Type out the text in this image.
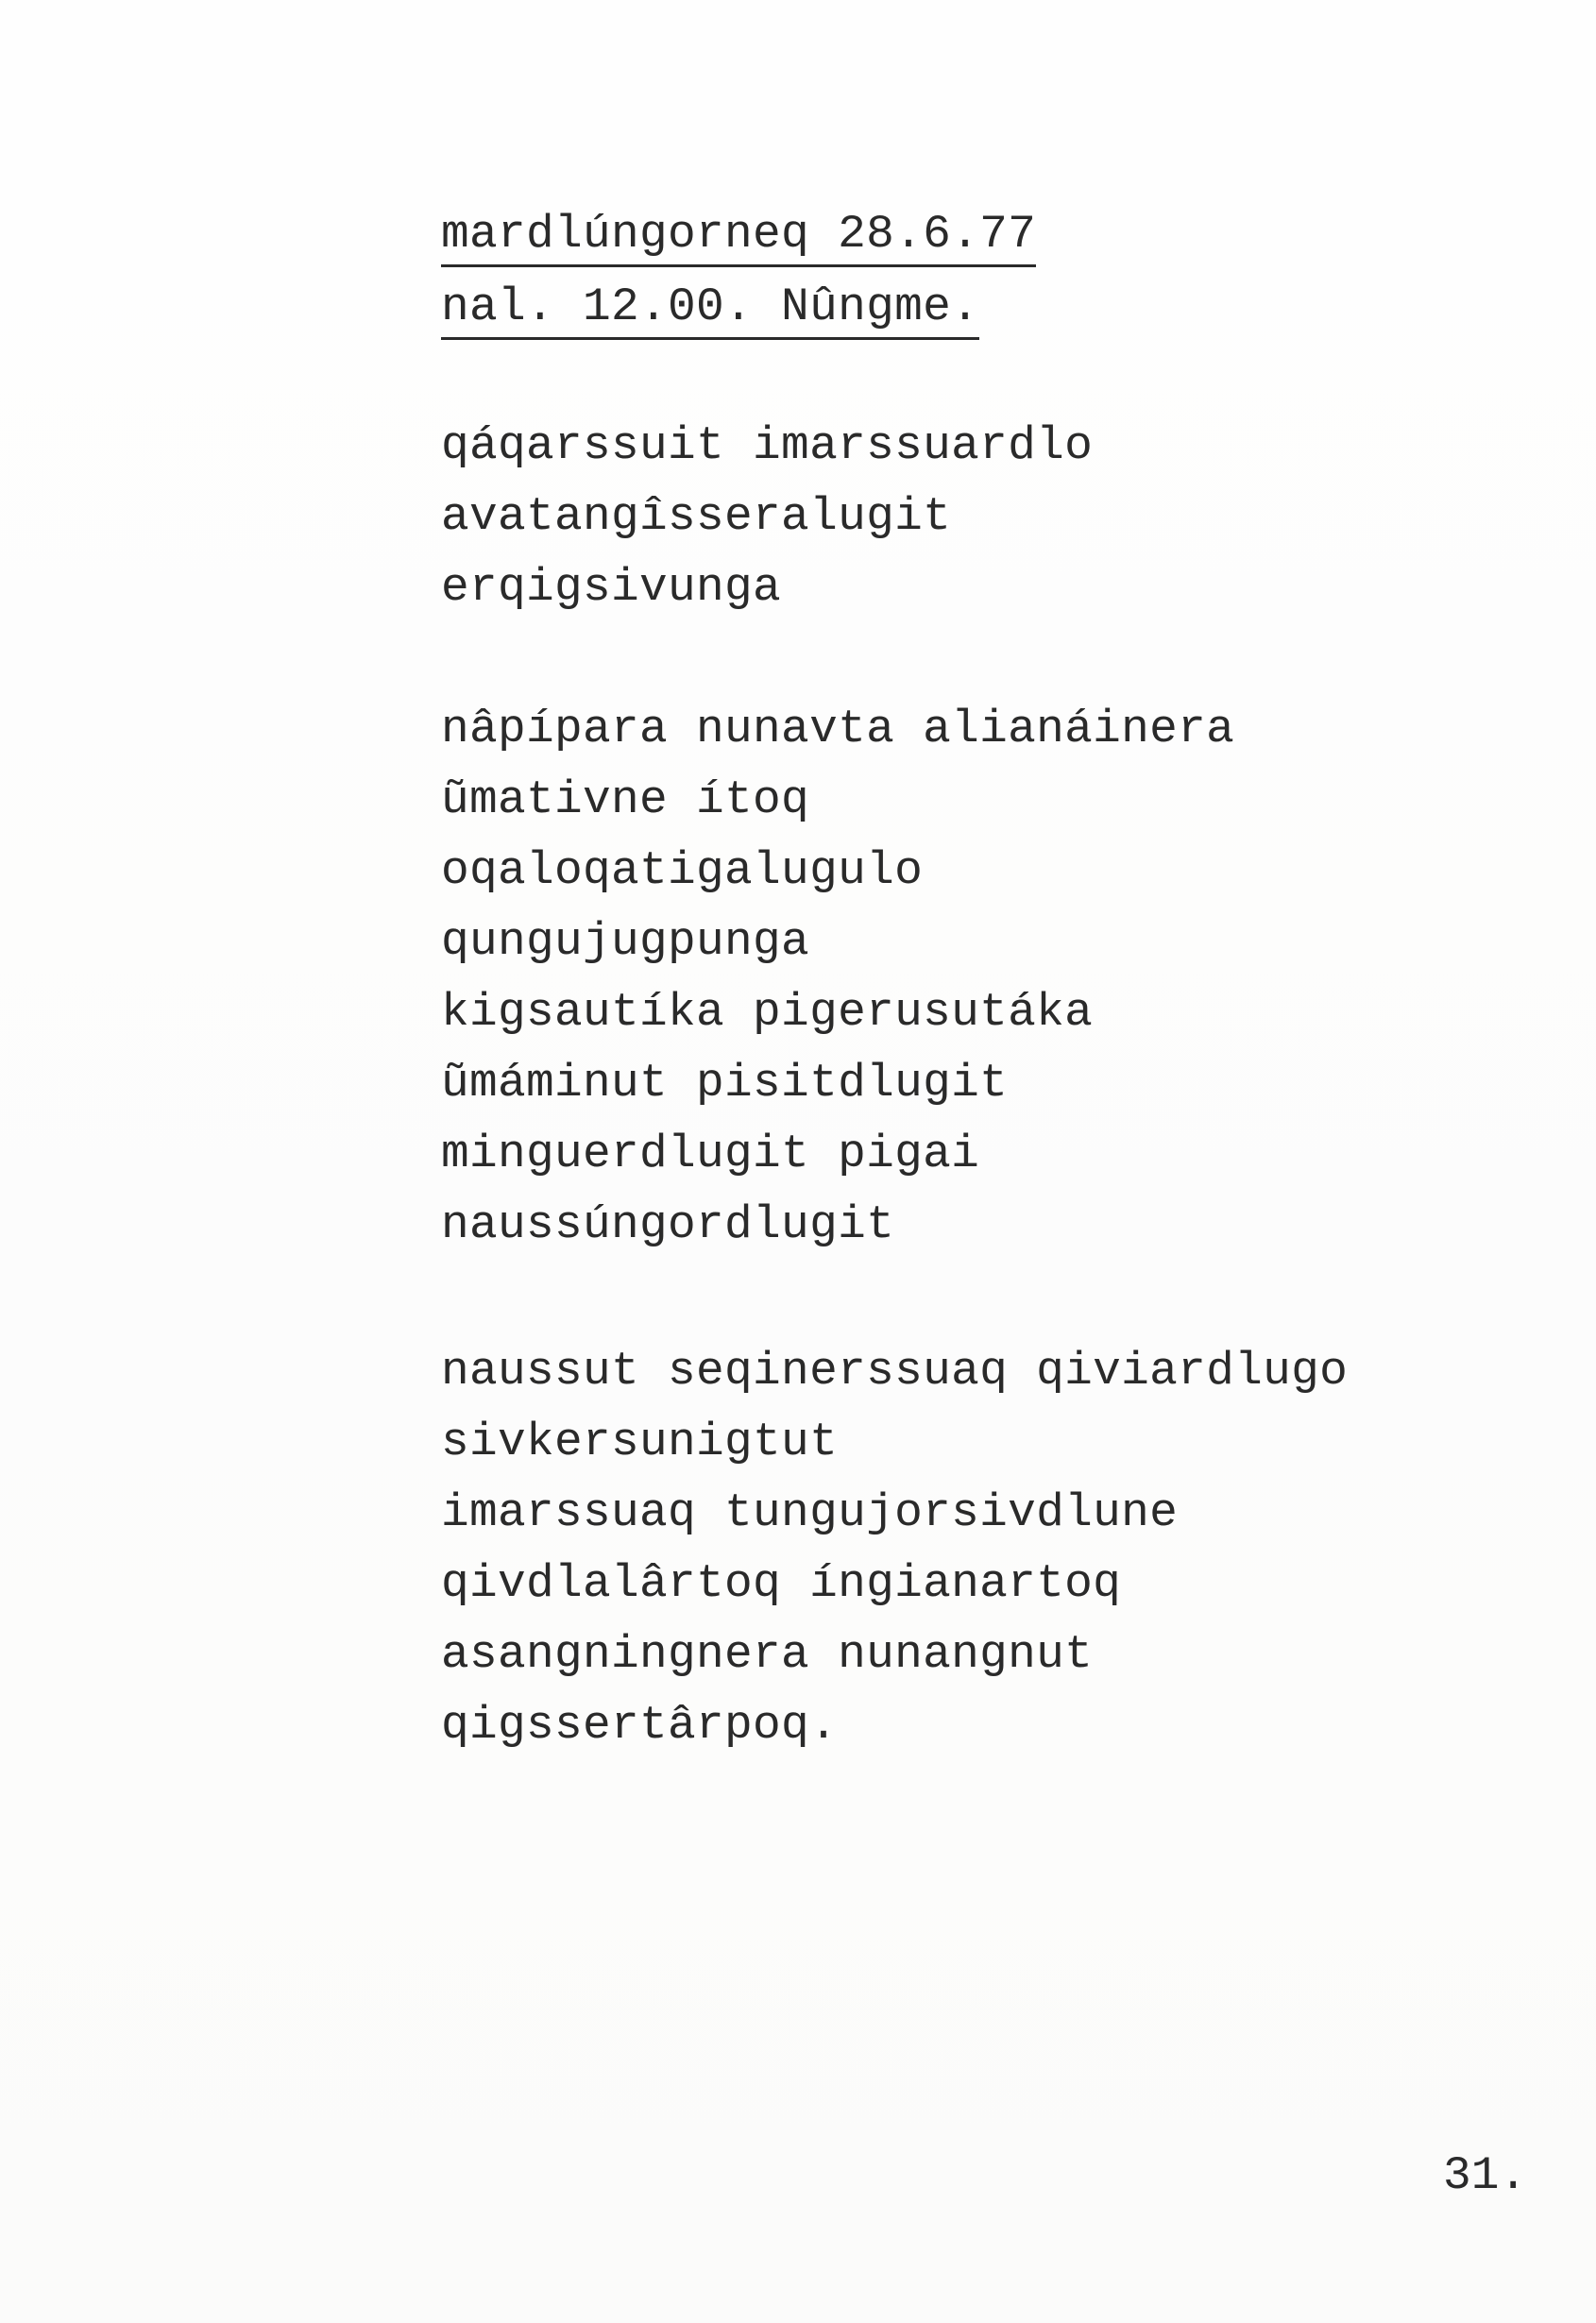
mardlúngorneq 28.6.77
nal. 12.00. Nûngme.
qáqarssuit imarssuardlo
avatangîsseralugit
erqigsivunga
nâpípara nunavta alianáinera
ũmativne ítoq
oqaloqatigalugulo
qungujugpunga
kigsautíka pigerusutáka
ũmáminut pisitdlugit
minguerdlugit pigai
naussúngordlugit
naussut seqinerssuaq qiviardlugo
sivkersunigtut
imarssuaq tungujorsivdlune
qivdlalârtoq íngianartoq
asangningnera nunangnut
qigssertârpoq.
31.
